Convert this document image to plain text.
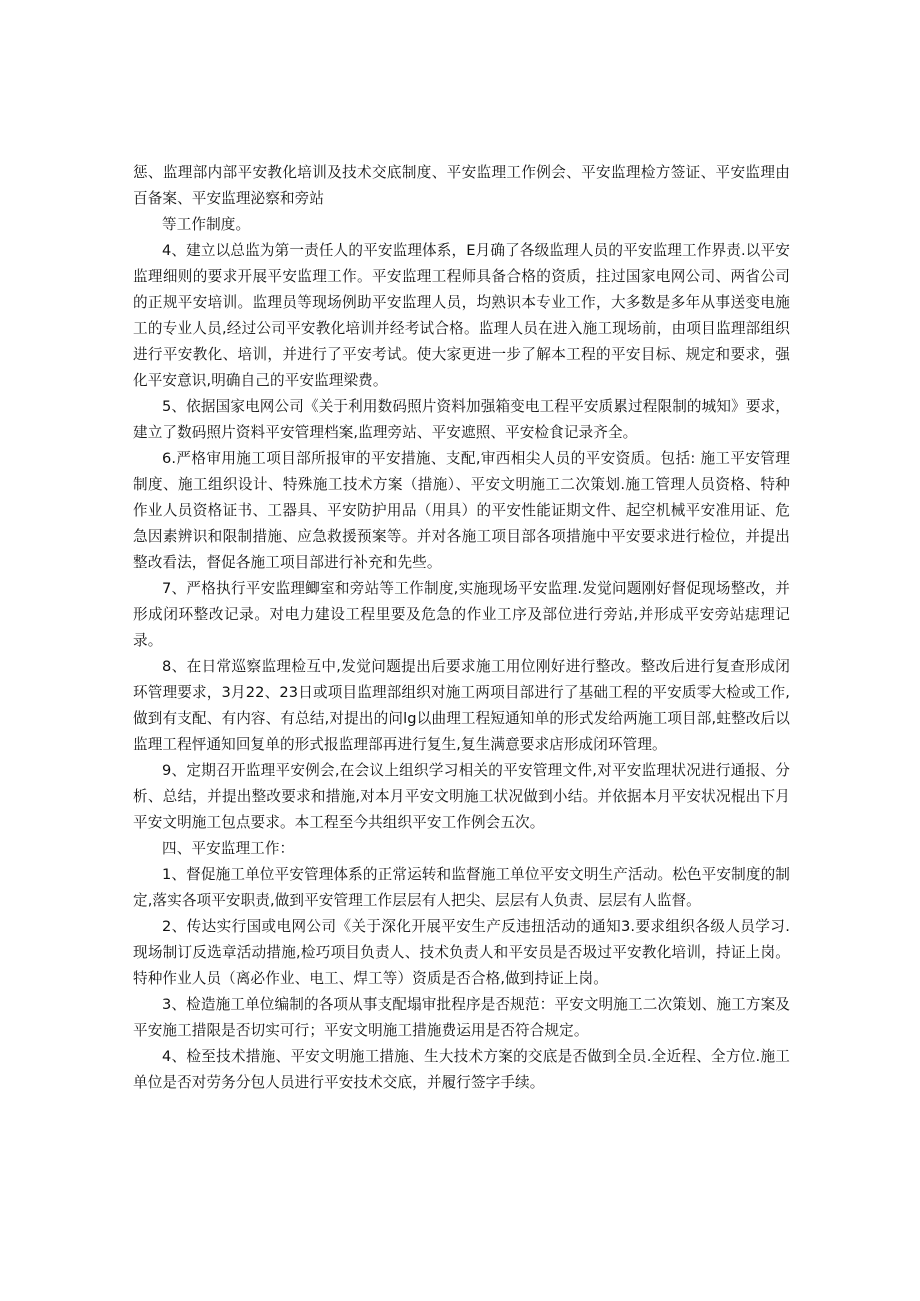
惩、监理部内部平安教化培训及技术交底制度、平安监理工作例会、平安监理检方签证、平安监理由百备案、平安监理泌察和旁站

等工作制度。

4、建立以总监为第一责任人的平安监理体系，E月确了各级监理人员的平安监理工作界责.以平安监理细则的要求开展平安监理工作。平安监理工程师具备合格的资质，拄过国家电网公司、两省公司的正规平安培训。监理员等现场例助平安监理人员，均熟识本专业工作，大多数是多年从事送变电施工的专业人员,经过公司平安教化培训并经考试合格。监理人员在进入施工现场前，由项目监理部组织进行平安教化、培训，并进行了平安考试。使大家更进一步了解本工程的平安目标、规定和要求，强化平安意识,明确自己的平安监理梁费。

5、依据国家电网公司《关于利用数码照片资料加强箱变电工程平安质累过程限制的城知》要求，建立了数码照片资料平安管理档案,监理旁站、平安遮照、平安检食记录齐全。

6.严格审用施工项目部所报审的平安措施、支配,审西相尖人员的平安资质。包括: 施工平安管理制度、施工组织设计、特殊施工技术方案（措施）、平安文明施工二次策划.施工管理人员资格、特种作业人员资格证书、工器具、平安防护用品（用具）的平安性能证期文件、起空机械平安准用证、危急因素辨识和限制措施、应急救援预案等。并对各施工项目部各项措施中平安要求进行检位，并提出整改看法，督促各施工项目部进行补充和先些。

7、严格执行平安监理鲫室和旁站等工作制度,实施现场平安监理.发觉问题刚好督促现场整改，并形成闭环整改记录。对电力建设工程里要及危急的作业工序及部位进行旁站,并形成平安旁站痣理记录。

8、在日常巡察监理检互中,发觉问题提出后要求施工用位刚好进行整改。整改后进行复查形成闭环管理要求，3月22、23日或项目监理部组织对施工两项目部进行了基础工程的平安质零大检或工作,做到有支配、有内容、有总结,对提出的问lg以曲理工程短通知单的形式发给两施工项目部,蛀整改后以监理工程怦通知回复单的形式报监理部再进行复生,复生满意要求店形成闭环管理。

9、定期召开监理平安例会,在会议上组织学习相关的平安管理文件,对平安监理状况进行通报、分析、总结，并提出整改要求和措施,对本月平安文明施工状况做到小结。并依据本月平安状况棍出下月平安文明施工包点要求。本工程至今共组织平安工作例会五次。

四、平安监理工作：

1、督促施工单位平安管理体系的正常运转和监督施工单位平安文明生产活动。松色平安制度的制定,落实各项平安职责,做到平安管理工作层层有人把尖、层层有人负责、层层有人监督。

2、传达实行国或电网公司《关于深化开展平安生产反违扭活动的通知3.要求组织各级人员学习.现场制订反选章活动措施,检巧项目负责人、技术负责人和平安员是否圾过平安教化培训，持证上岗。特种作业人员（离必作业、电工、焊工等）资质是否合格,做到持证上岗。

3、检造施工单位编制的各项从事支配塌审批程序是否规范：平安文明施工二次策划、施工方案及平安施工措限是否切实可行；平安文明施工措施费运用是否符合规定。

4、检至技术措施、平安文明施工措施、生大技术方案的交底是否做到全员.全近程、全方位.施工单位是否对劳务分包人员进行平安技术交底，并履行签字手续。
